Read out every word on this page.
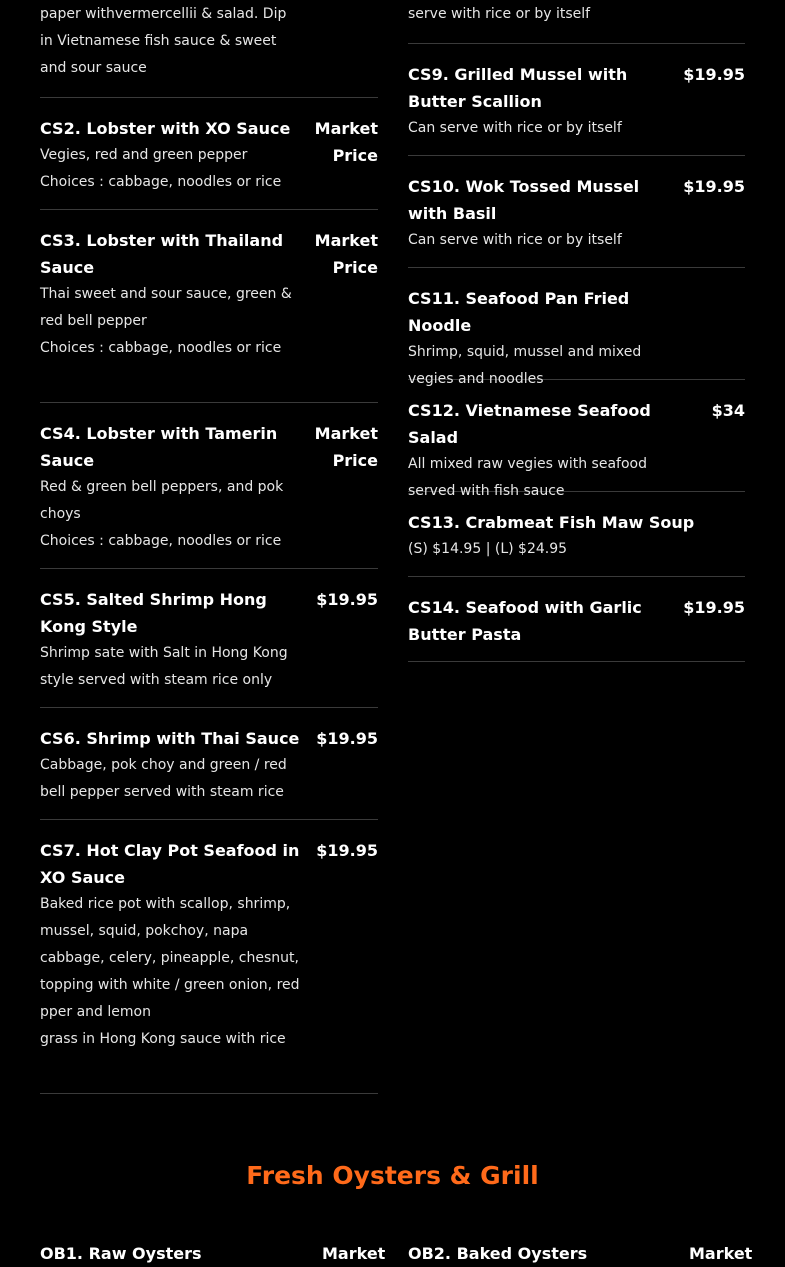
paper withvermercellii & salad. Dip in Vietnamese fish sauce & sweet and sour sauce
CS2. Lobster with XO Sauce
Vegies, red and green pepper
Choices : cabbage, noodles or rice
Market
Price
CS3. Lobster with Thailand Sauce
Thai sweet and sour sauce, green & red bell pepper
Choices : cabbage, noodles or rice
Market
Price
CS4. Lobster with Tamerin Sauce
Red & green bell peppers, and pok choys
Choices : cabbage, noodles or rice
Market
Price
CS5. Salted Shrimp Hong Kong Style
Shrimp sate with Salt in Hong Kong style served with steam rice only
$19.95
CS6. Shrimp with Thai Sauce
Cabbage, pok choy and green / red bell pepper served with steam rice
$19.95
CS7. Hot Clay Pot Seafood in XO Sauce
Baked rice pot with scallop, shrimp, mussel, squid, pokchoy, napa cabbage, celery, pineapple, chesnut, topping with white / green onion, red pper and lemon
grass in Hong Kong sauce with rice
$19.95
serve with rice or by itself
CS9. Grilled Mussel with Butter Scallion
Can serve with rice or by itself
$19.95
CS10. Wok Tossed Mussel with Basil
Can serve with rice or by itself
$19.95
CS11. Seafood Pan Fried Noodle
Shrimp, squid, mussel and mixed vegies and noodles
CS12. Vietnamese Seafood Salad
All mixed raw vegies with seafood served with fish sauce
$34
CS13. Crabmeat Fish Maw Soup
(S) $14.95 | (L) $24.95
CS14. Seafood with Garlic Butter Pasta
$19.95
Fresh Oysters & Grill
OB1. Raw Oysters	Market OB2. Baked Oysters	Market
